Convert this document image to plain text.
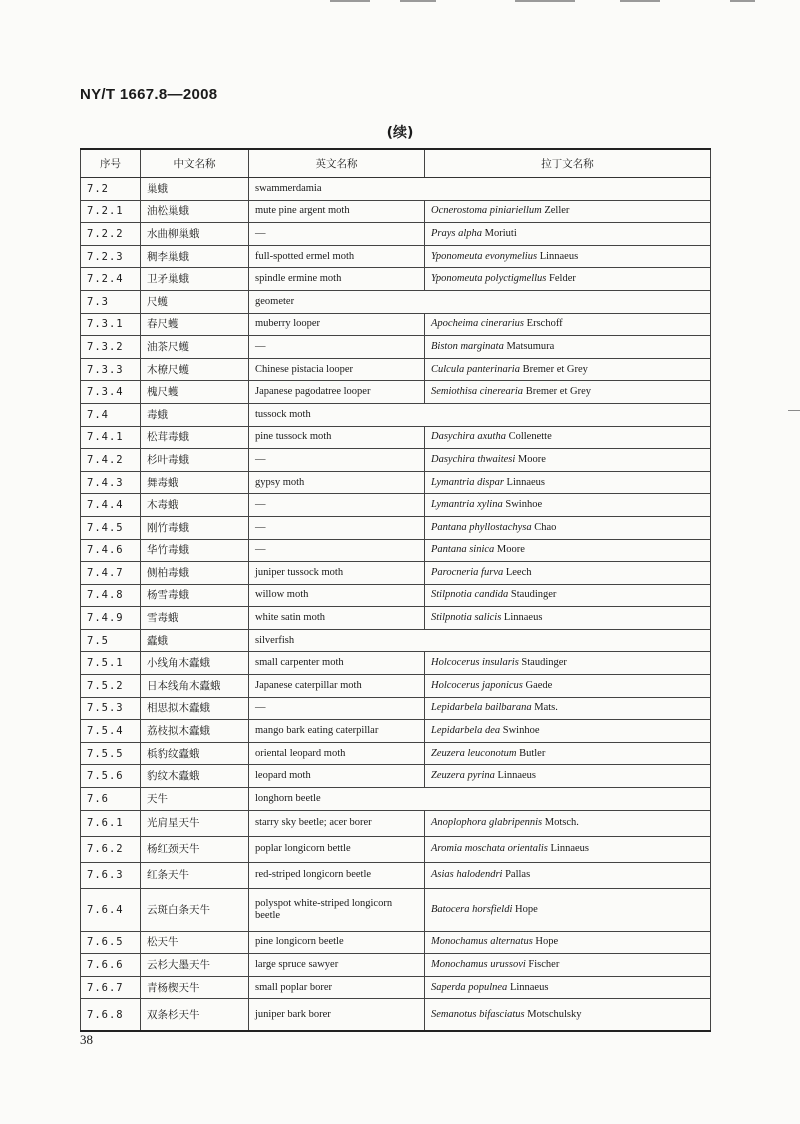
NY/T 1667.8—2008
(续)
序号	中文名称	英文名称	拉丁文名称
7.2	巢蛾	swammerdamia	
7.2.1	油松巢蛾	mute pine argent moth	Ocnerostoma piniariellum Zeller
7.2.2	水曲柳巢蛾	—	Prays alpha Moriuti
7.2.3	稠李巢蛾	full-spotted ermel moth	Yponomeuta evonymelius Linnaeus
7.2.4	卫矛巢蛾	spindle ermine moth	Yponomeuta polyctigmellus Felder
7.3	尺蠖	geometer	
7.3.1	春尺蠖	muberry looper	Apocheima cinerarius Erschoff
7.3.2	油茶尺蠖	—	Biston marginata Matsumura
7.3.3	木橑尺蠖	Chinese pistacia looper	Culcula panterinaria Bremer et Grey
7.3.4	槐尺蠖	Japanese pagodatree looper	Semiothisa cinerearia Bremer et Grey
7.4	毒蛾	tussock moth	
7.4.1	松茸毒蛾	pine tussock moth	Dasychira axutha Collenette
7.4.2	杉叶毒蛾	—	Dasychira thwaitesi Moore
7.4.3	舞毒蛾	gypsy moth	Lymantria dispar Linnaeus
7.4.4	木毒蛾	—	Lymantria xylina Swinhoe
7.4.5	刚竹毒蛾	—	Pantana phyllostachysa Chao
7.4.6	华竹毒蛾	—	Pantana sinica Moore
7.4.7	侧柏毒蛾	juniper tussock moth	Parocneria furva Leech
7.4.8	杨雪毒蛾	willow moth	Stilpnotia candida Staudinger
7.4.9	雪毒蛾	white satin moth	Stilpnotia salicis Linnaeus
7.5	蠹蛾	silverfish	
7.5.1	小线角木蠹蛾	small carpenter moth	Holcocerus insularis Staudinger
7.5.2	日本线角木蠹蛾	Japanese caterpillar moth	Holcocerus japonicus Gaede
7.5.3	相思拟木蠹蛾	—	Lepidarbela bailbarana Mats.
7.5.4	荔枝拟木蠹蛾	mango bark eating caterpillar	Lepidarbela dea Swinhoe
7.5.5	梹豹纹蠹蛾	oriental leopard moth	Zeuzera leuconotum Butler
7.5.6	豹纹木蠹蛾	leopard moth	Zeuzera pyrina Linnaeus
7.6	天牛	longhorn beetle	
7.6.1	光肩星天牛	starry sky beetle; acer borer	Anoplophora glabripennis Motsch.
7.6.2	杨红颈天牛	poplar longicorn bettle	Aromia moschata orientalis Linnaeus
7.6.3	红条天牛	red-striped longicorn beetle	Asias halodendri Pallas
7.6.4	云斑白条天牛	polyspot white-striped longicorn beetle	Batocera horsfieldi Hope
7.6.5	松天牛	pine longicorn beetle	Monochamus alternatus Hope
7.6.6	云杉大墨天牛	large spruce sawyer	Monochamus urussovi Fischer
7.6.7	青杨楔天牛	small poplar borer	Saperda populnea Linnaeus
7.6.8	双条杉天牛	juniper bark borer	Semanotus bifasciatus Motschulsky
38
